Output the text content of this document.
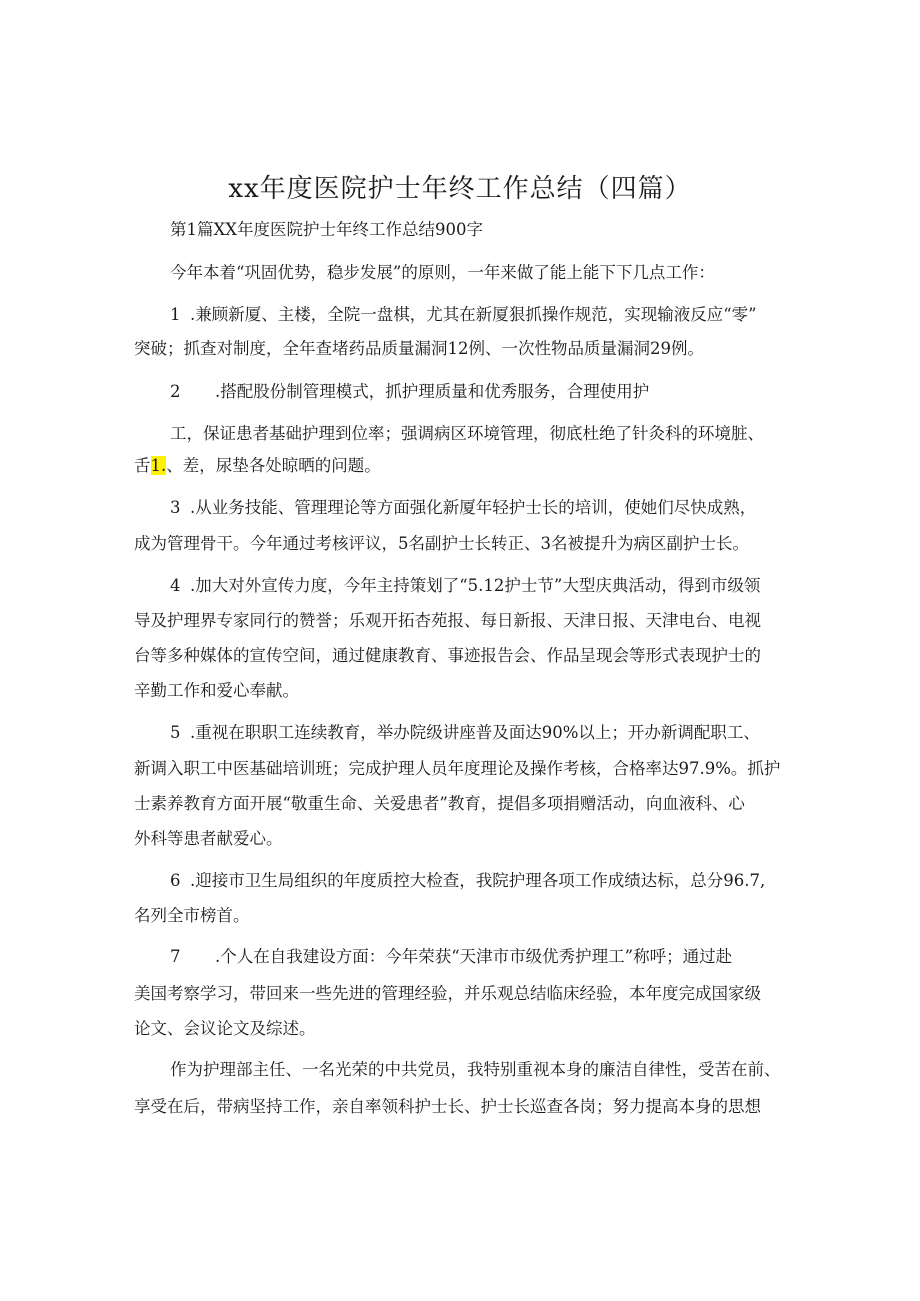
xx年度医院护士年终工作总结（四篇）
第1篇XX年度医院护士年终工作总结900字
今年本着“巩固优势，稳步发展”的原则，一年来做了能上能下下几点工作：
1 .兼顾新厦、主楼，全院一盘棋，尤其在新厦狠抓操作规范，实现输液反应“零”
突破；抓查对制度，全年查堵药品质量漏洞12例、一次性物品质量漏洞29例。
2 .搭配股份制管理模式，抓护理质量和优秀服务，合理使用护
工，保证患者基础护理到位率；强调病区环境管理，彻底杜绝了针灸科的环境脏、
舌1.、差，尿垫各处晾晒的问题。
3 .从业务技能、管理理论等方面强化新厦年轻护士长的培训，使她们尽快成熟，
成为管理骨干。今年通过考核评议，5名副护士长转正、3名被提升为病区副护士长。
4 .加大对外宣传力度，今年主持策划了“5.12护士节”大型庆典活动，得到市级领
导及护理界专家同行的赞誉；乐观开拓杏苑报、每日新报、天津日报、天津电台、电视
台等多种媒体的宣传空间，通过健康教育、事迹报告会、作品呈现会等形式表现护士的
辛勤工作和爱心奉献。
5 .重视在职职工连续教育，举办院级讲座普及面达90%以上；开办新调配职工、
新调入职工中医基础培训班；完成护理人员年度理论及操作考核，合格率达97.9%。抓护
士素养教育方面开展“敬重生命、关爱患者”教育，提倡多项捐赠活动，向血液科、心
外科等患者献爱心。
6 .迎接市卫生局组织的年度质控大检查，我院护理各项工作成绩达标，总分96.7,
名列全市榜首。
7 .个人在自我建设方面：今年荣获“天津市市级优秀护理工”称呼；通过赴
美国考察学习，带回来一些先进的管理经验，并乐观总结临床经验，本年度完成国家级
论文、会议论文及综述。
作为护理部主任、一名光荣的中共党员，我特别重视本身的廉洁自律性，受苦在前、
享受在后，带病坚持工作，亲自率领科护士长、护士长巡查各岗；努力提高本身的思想
